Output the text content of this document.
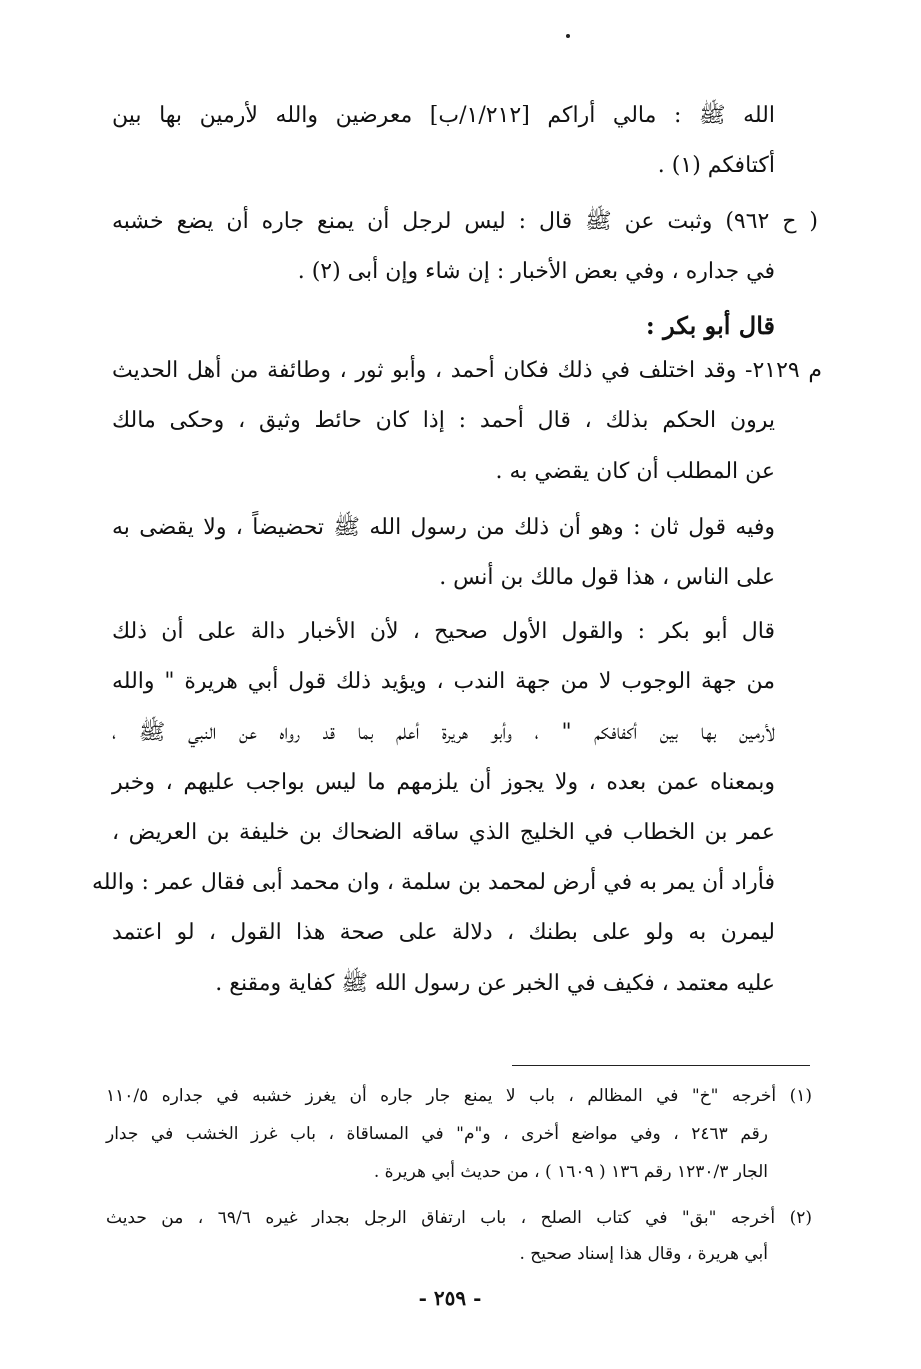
الله ﷺ : مالي أراكم [١/٢١٢/ب] معرضين والله لأرمين بها بين
أكتافكم (١) .
( ح ٩٦٢) وثبت عن ﷺ قال : ليس لرجل أن يمنع جاره أن يضع خشبه
في جداره ، وفي بعض الأخبار : إن شاء وإن أبى (٢) .
قال أبو بكر :
م ٢١٢٩- وقد اختلف في ذلك فكان أحمد ، وأبو ثور ، وطائفة من أهل الحديث
يرون الحكم بذلك ، قال أحمد : إذا كان حائط وثيق ، وحكى مالك
عن المطلب أن كان يقضي به .
وفيه قول ثان : وهو أن ذلك من رسول الله ﷺ تحضيضاً ، ولا يقضى به
على الناس ، هذا قول مالك بن أنس .
قال أبو بكر : والقول الأول صحيح ، لأن الأخبار دالة على أن ذلك
من جهة الوجوب لا من جهة الندب ، ويؤيد ذلك قول أبي هريرة " والله
لأرمين بها بين أكفافكم " ، وأبو هريرة أعلم بما قد رواه عن النبي ﷺ ،
وبمعناه عمن بعده ، ولا يجوز أن يلزمهم ما ليس بواجب عليهم ، وخبر
عمر بن الخطاب في الخليج الذي ساقه الضحاك بن خليفة بن العريض ،
فأراد أن يمر به في أرض لمحمد بن سلمة ، وان محمد أبى فقال عمر : والله
ليمرن به ولو على بطنك ، دلالة على صحة هذا القول ، لو اعتمد
عليه معتمد ، فكيف في الخبر عن رسول الله ﷺ كفاية ومقنع .
(١) أخرجه "خ" في المظالم ، باب لا يمنع جار جاره أن يغرز خشبه في جداره ١١٠/٥
رقم ٢٤٦٣ ، وفي مواضع أخرى ، و"م" في المساقاة ، باب غرز الخشب في جدار
الجار ١٢٣٠/٣ رقم ١٣٦ ( ١٦٠٩ ) ، من حديث أبي هريرة .
(٢) أخرجه "بق" في كتاب الصلح ، باب ارتفاق الرجل بجدار غيره ٦٩/٦ ، من حديث
أبي هريرة ، وقال هذا إسناد صحيح .
- ٢٥٩ -
